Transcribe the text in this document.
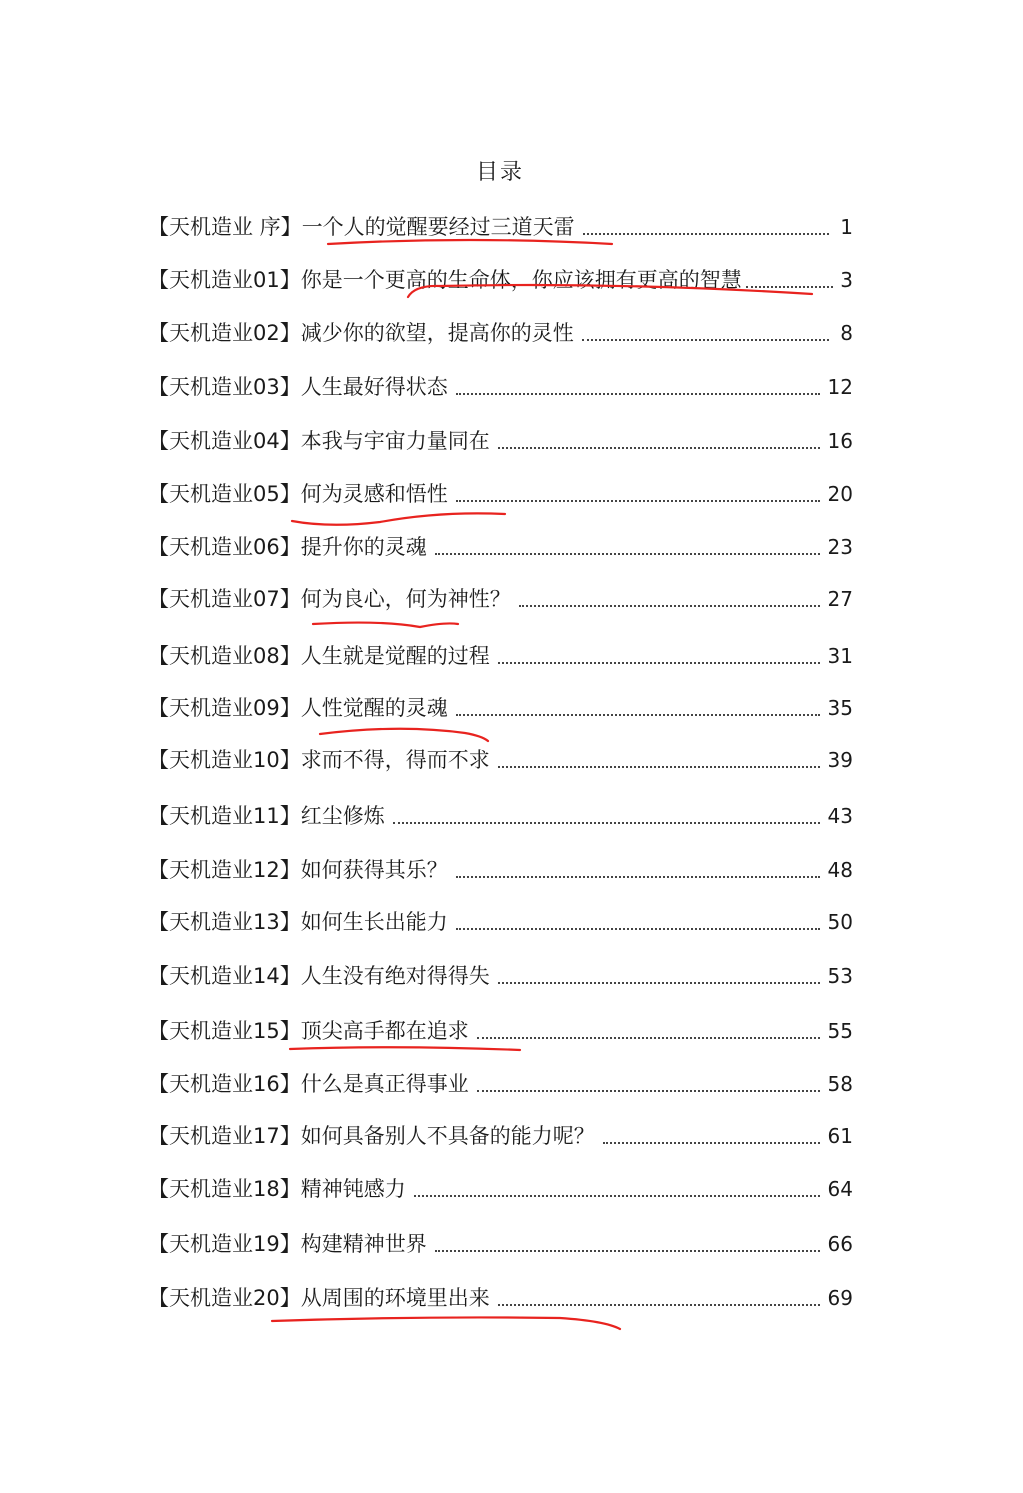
目录
【天机造业 序】 一个人的觉醒要经过三道天雷	1
【天机造业01】 你是一个更高的生命体，你应该拥有更高的智慧	3
【天机造业02】 减少你的欲望，提高你的灵性	8
【天机造业03】 人生最好得状态	12
【天机造业04】 本我与宇宙力量同在	16
【天机造业05】 何为灵感和悟性	20
【天机造业06】 提升你的灵魂	23
【天机造业07】 何为良心，何为神性？	27
【天机造业08】 人生就是觉醒的过程	31
【天机造业09】 人性觉醒的灵魂	35
【天机造业10】 求而不得，得而不求	39
【天机造业11】 红尘修炼	43
【天机造业12】 如何获得其乐？	48
【天机造业13】 如何生长出能力	50
【天机造业14】 人生没有绝对得得失	53
【天机造业15】 顶尖高手都在追求	55
【天机造业16】 什么是真正得事业	58
【天机造业17】 如何具备别人不具备的能力呢？	61
【天机造业18】 精神钝感力	64
【天机造业19】 构建精神世界	66
【天机造业20】 从周围的环境里出来	69
